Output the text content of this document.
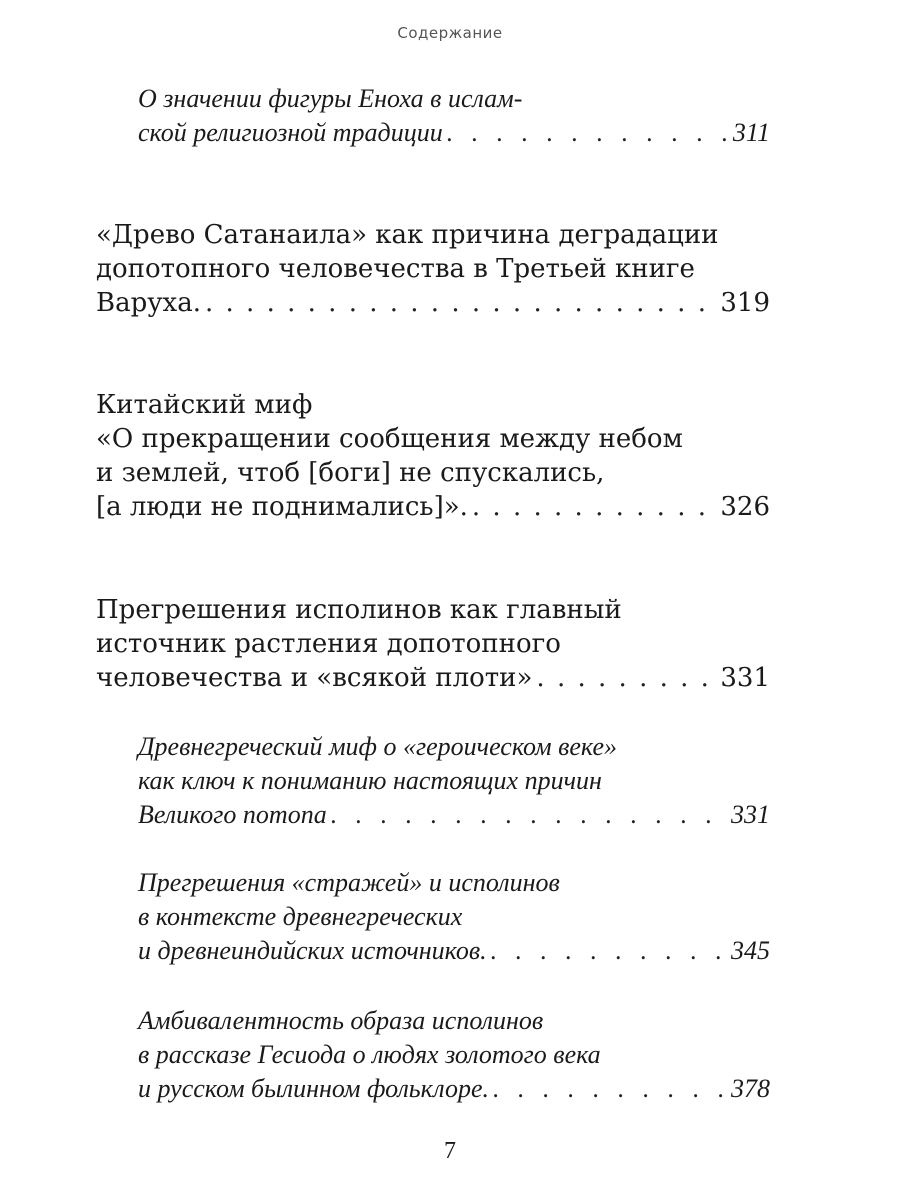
Содержание
О значении фигуры Еноха в ислам-
ской религиозной традиции . . .	311
«Древо Сатанаила» как причина деградации
допотопного человечества в Третьей книге
Варуха. . . .	319
Китайский миф
«О прекращении сообщения между небом
и землей, чтоб [боги] не спускались,
[а люди не поднимались]». . . .	326
Прегрешения исполинов как главный
источник растления допотопного
человечества и «всякой плоти» . . .	331
Древнегреческий миф о «героическом веке»
как ключ к пониманию настоящих причин
Великого потопа . . .	331
Прегрешения «стражей» и исполинов
в контексте древнегреческих
и древнеиндийских источников. . . .	345
Амбивалентность образа исполинов
в рассказе Гесиода о людях золотого века
и русском былинном фольклоре. . . .	378
7
